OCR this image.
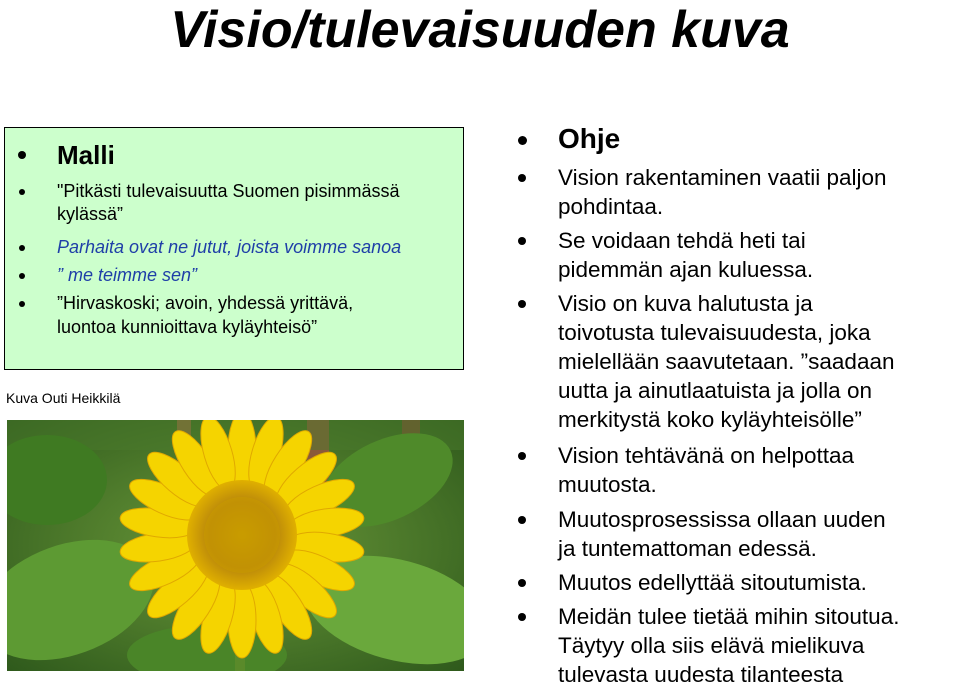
Visio/tulevaisuuden kuva
Malli
"Pitkästi tulevaisuutta Suomen pisimmässä
kylässä”
Parhaita ovat ne jutut, joista voimme sanoa
” me teimme sen”
”Hirvaskoski; avoin, yhdessä yrittävä,
luontoa kunnioittava kyläyhteisö”
Kuva Outi Heikkilä
Ohje
Vision rakentaminen vaatii paljon
pohdintaa.
Se voidaan tehdä heti tai
pidemmän ajan kuluessa.
Visio on kuva halutusta ja
toivotusta tulevaisuudesta, joka
mielellään saavutetaan. ”saadaan
uutta ja ainutlaatuista ja jolla on
merkitystä koko kyläyhteisölle”
Vision tehtävänä on helpottaa
muutosta.
Muutosprosessissa ollaan uuden
ja tuntemattoman edessä.
Muutos edellyttää sitoutumista.
Meidän tulee tietää mihin sitoutua.
Täytyy olla siis elävä mielikuva
tulevasta uudesta tilanteesta
